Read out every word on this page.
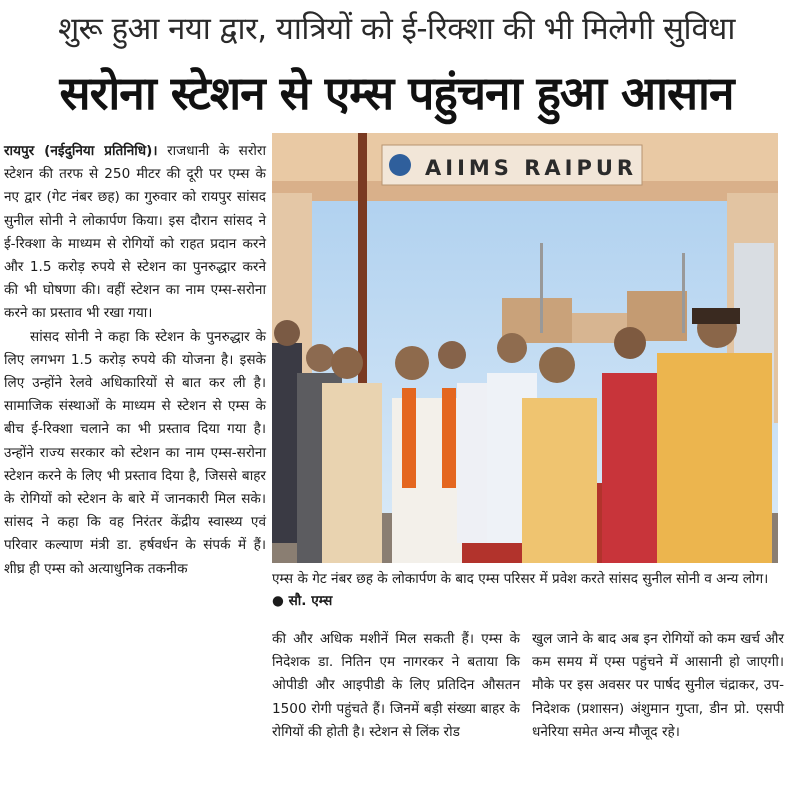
शुरू हुआ नया द्वार, यात्रियों को ई-रिक्शा की भी मिलेगी सुविधा
सरोना स्टेशन से एम्स पहुंचना हुआ आसान

रायपुर (नईदुनिया प्रतिनिधि)। राजधानी के सरोरा स्टेशन की तरफ से 250 मीटर की दूरी पर एम्स के नए द्वार (गेट नंबर छह) का गुरुवार को रायपुर सांसद सुनील सोनी ने लोकार्पण किया। इस दौरान सांसद ने ई-रिक्शा के माध्यम से रोगियों को राहत प्रदान करने और 1.5 करोड़ रुपये से स्टेशन का पुनरुद्धार करने की भी घोषणा की। वहीं स्टेशन का नाम एम्स-सरोना करने का प्रस्ताव भी रखा गया।

सांसद सोनी ने कहा कि स्टेशन के पुनरुद्धार के लिए लगभग 1.5 करोड़ रुपये की योजना है। इसके लिए उन्होंने रेलवे अधिकारियों से बात कर ली है। सामाजिक संस्थाओं के माध्यम से स्टेशन से एम्स के बीच ई-रिक्शा चलाने का भी प्रस्ताव दिया गया है। उन्होंने राज्य सरकार को स्टेशन का नाम एम्स-सरोना स्टेशन करने के लिए भी प्रस्ताव दिया है, जिससे बाहर के रोगियों को स्टेशन के बारे में जानकारी मिल सके। सांसद ने कहा कि वह निरंतर केंद्रीय स्वास्थ्य एवं परिवार कल्याण मंत्री डा. हर्षवर्धन के संपर्क में हैं। शीघ्र ही एम्स को अत्याधुनिक तकनीक

AIIMS RAIPUR
एम्स के गेट नंबर छह के लोकार्पण के बाद एम्स परिसर में प्रवेश करते सांसद सुनील सोनी व अन्य लोग। ● सौ. एम्स

की और अधिक मशीनें मिल सकती हैं। एम्स के निदेशक डा. नितिन एम नागरकर ने बताया कि ओपीडी और आइपीडी के लिए प्रतिदिन औसतन 1500 रोगी पहुंचते हैं। जिनमें बड़ी संख्या बाहर के रोगियों की होती है। स्टेशन से लिंक रोड

खुल जाने के बाद अब इन रोगियों को कम खर्च और कम समय में एम्स पहुंचने में आसानी हो जाएगी। मौके पर इस अवसर पर पार्षद सुनील चंद्राकर, उप-निदेशक (प्रशासन) अंशुमान गुप्ता, डीन प्रो. एसपी धनेरिया समेत अन्य मौजूद रहे।
